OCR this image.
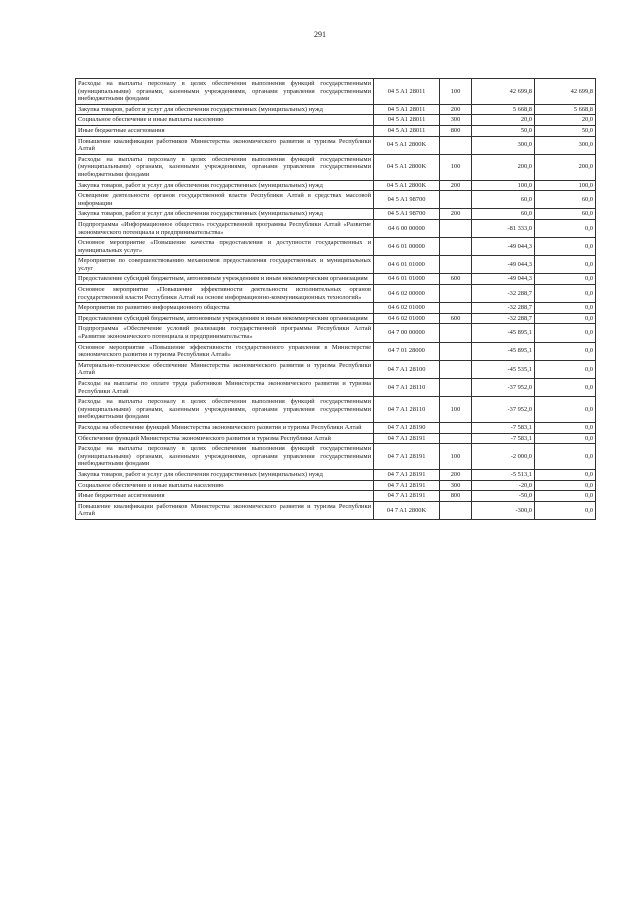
291
Расходы на выплаты персоналу в целях обеспечения выполнения функций государственными (муниципальными) органами, казенными учреждениями, органами управления государственными внебюджетными фондами	04 5 A1 28011	100	42 699,8	42 699,8
Закупка товаров, работ и услуг для обеспечения государственных (муниципальных) нужд	04 5 A1 28011	200	5 668,8	5 668,8
Социальное обеспечение и иные выплаты населению	04 5 A1 28011	300	20,0	20,0
Иные бюджетные ассигнования	04 5 A1 28011	800	50,0	50,0
Повышение квалификации работников Министерства экономического развития и туризма Республики Алтай	04 5 A1 2800K		300,0	300,0
Расходы на выплаты персоналу в целях обеспечения выполнения функций государственными (муниципальными) органами, казенными учреждениями, органами управления государственными внебюджетными фондами	04 5 A1 2800K	100	200,0	200,0
Закупка товаров, работ и услуг для обеспечения государственных (муниципальных) нужд	04 5 A1 2800K	200	100,0	100,0
Освещение деятельности органов государственной власти Республики Алтай в средствах массовой информации	04 5 A1 98700		60,0	60,0
Закупка товаров, работ и услуг для обеспечения государственных (муниципальных) нужд	04 5 A1 98700	200	60,0	60,0
Подпрограмма «Информационное общество» государственной программы Республики Алтай «Развитие экономического потенциала и предпринимательства»	04 6 00 00000		-81 333,0	0,0
Основное мероприятие «Повышение качества предоставления и доступности государственных и муниципальных услуг»	04 6 01 00000		-49 044,3	0,0
Мероприятия по совершенствованию механизмов предоставления государственных и муниципальных услуг	04 6 01 01000		-49 044,3	0,0
Предоставление субсидий бюджетным, автономным учреждениям и иным некоммерческим организациям	04 6 01 01000	600	-49 044,3	0,0
Основное мероприятие «Повышение эффективности деятельности исполнительных органов государственной власти Республики Алтай на основе информационно-коммуникационных технологий»	04 6 02 00000		-32 288,7	0,0
Мероприятия по развитию информационного общества	04 6 02 01000		-32 288,7	0,0
Предоставление субсидий бюджетным, автономным учреждениям и иным некоммерческим организациям	04 6 02 01000	600	-32 288,7	0,0
Подпрограмма «Обеспечение условий реализации государственной программы Республики Алтай «Развитие экономического потенциала и предпринимательства»	04 7 00 00000		-45 895,1	0,0
Основное мероприятие «Повышение эффективности государственного управления в Министерстве экономического развития и туризма Республики Алтай»	04 7 01 28000		-45 895,1	0,0
Материально-техническое обеспечение Министерства экономического развития и туризма Республики Алтай	04 7 A1 28100		-45 535,1	0,0
Расходы на выплаты по оплате труда работников Министерства экономического развития и туризма Республики Алтай	04 7 A1 28110		-37 952,0	0,0
Расходы на выплаты персоналу в целях обеспечения выполнения функций государственными (муниципальными) органами, казенными учреждениями, органами управления государственными внебюджетными фондами	04 7 A1 28110	100	-37 952,0	0,0
Расходы на обеспечение функций Министерства экономического развития и туризма Республики Алтай	04 7 A1 28190		-7 583,1	0,0
Обеспечение функций Министерства экономического развития и туризма Республики Алтай	04 7 A1 28191		-7 583,1	0,0
Расходы на выплаты персоналу в целях обеспечения выполнения функций государственными (муниципальными) органами, казенными учреждениями, органами управления государственными внебюджетными фондами	04 7 A1 28191	100	-2 000,0	0,0
Закупка товаров, работ и услуг для обеспечения государственных (муниципальных) нужд	04 7 A1 28191	200	-5 513,1	0,0
Социальное обеспечение и иные выплаты населению	04 7 A1 28191	300	-20,0	0,0
Иные бюджетные ассигнования	04 7 A1 28191	800	-50,0	0,0
Повышение квалификации работников Министерства экономического развития и туризма Республики Алтай	04 7 A1 2800K		-300,0	0,0
